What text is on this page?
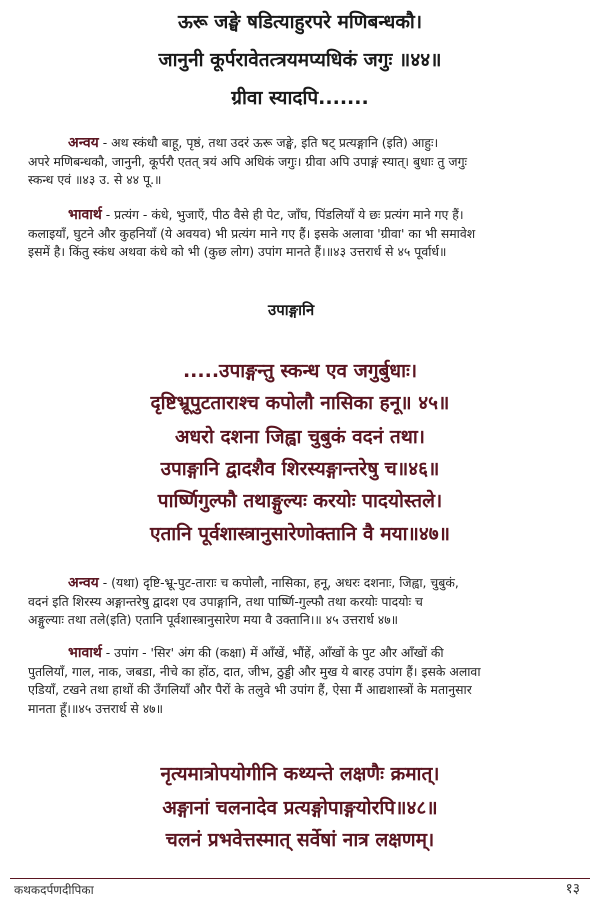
ऊरू जङ्घे षडित्याहुरपरे मणिबन्धकौ।
जानुनी कूर्परावेतत्त्रयमप्यधिकं जगुः ॥४४॥
ग्रीवा स्यादपि.......
अन्वय - अथ स्कंधौ बाहू, पृष्ठं, तथा उदरं ऊरू जङ्घे, इति षट् प्रत्यङ्गानि (इति) आहुः।
अपरे मणिबन्धकौ, जानुनी, कूर्परौ एतत् त्रयं अपि अधिकं जगुः। ग्रीवा अपि उपाङ्गं स्यात्। बुधाः तु जगुः
स्कन्ध एवं ॥४३ उ. से ४४ पू.॥
भावार्थ - प्रत्यंग - कंधे, भुजाएँ, पीठ वैसे ही पेट, जाँघ, पिंडलियाँ ये छः प्रत्यंग माने गए हैं।
कलाइयाँ, घुटने और कुहनियाँ (ये अवयव) भी प्रत्यंग माने गए हैं। इसके अलावा 'ग्रीवा' का भी समावेश
इसमें है। किंतु स्कंध अथवा कंधे को भी (कुछ लोग) उपांग मानते हैं।॥४३ उत्तरार्ध से ४५ पूर्वार्ध॥
उपाङ्गानि
.....उपाङ्गन्तु स्कन्ध एव जगुर्बुधाः।
दृष्टिभ्रूपुटताराश्च कपोलौ नासिका हनू॥ ४५॥
अधरो दशना जिह्वा चुबुकं वदनं तथा।
उपाङ्गानि द्वादशैव शिरस्यङ्गान्तरेषु च॥४६॥
पार्ष्णिगुल्फौ तथाङ्गुल्यः करयोः पादयोस्तले।
एतानि पूर्वशास्त्रानुसारेणोक्तानि वै मया॥४७॥
अन्वय - (यथा) दृष्टि-भ्रू-पुट-ताराः च कपोलौ, नासिका, हनू, अधरः दशनाः, जिह्वा, चुबुकं,
वदनं इति शिरस्य अङ्गान्तरेषु द्वादश एव उपाङ्गानि, तथा पार्ष्णि-गुल्फौ तथा करयोः पादयोः च
अङ्गुल्याः तथा तले(इति) एतानि पूर्वशास्त्रानुसारेण मया वै उक्तानि।॥ ४५ उत्तरार्ध ४७॥
भावार्थ - उपांग - 'सिर' अंग की (कक्षा) में आँखें, भौंहें, आँखों के पुट और आँखों की
पुतलियाँ, गाल, नाक, जबडा, नीचे का होंठ, दात, जीभ, ठुड्डी और मुख ये बारह उपांग हैं। इसके अलावा
एडियाँ, टखने तथा हाथों की उँगलियाँ और पैरों के तलुवे भी उपांग हैं, ऐसा मैं आद्यशास्त्रों के मतानुसार
मानता हूँ।॥४५ उत्तरार्ध से ४७॥
नृत्यमात्रोपयोगीनि कथ्यन्ते लक्षणैः क्रमात्।
अङ्गानां चलनादेव प्रत्यङ्गोपाङ्गयोरपि॥४८॥
चलनं प्रभवेत्तस्मात् सर्वेषां नात्र लक्षणम्।
कथकदर्पणदीपिका	१३
